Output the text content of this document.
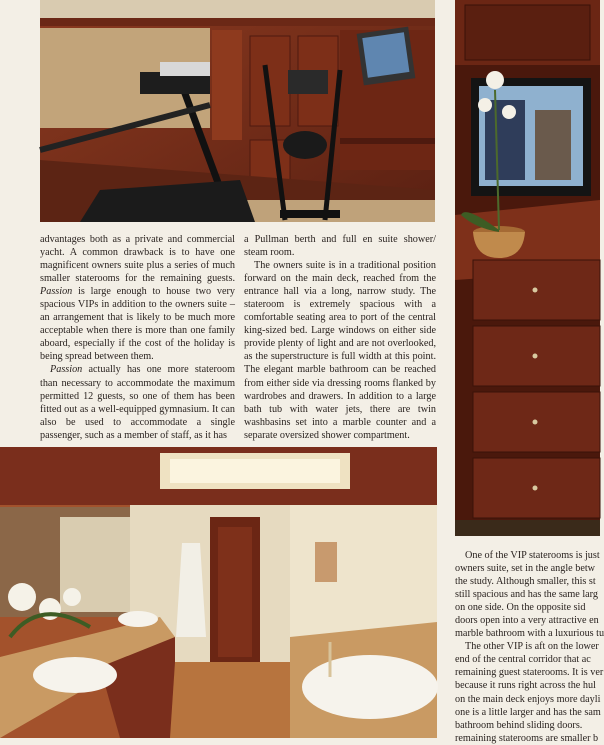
advantages both as a private and commercial yacht. A common drawback is to have one magnificent owners suite plus a series of much smaller staterooms for the remaining guests. Passion is large enough to house two very spacious VIPs in addition to the owners suite – an arrangement that is likely to be much more acceptable when there is more than one family aboard, especially if the cost of the holiday is being spread between them.

Passion actually has one more stateroom than necessary to accommodate the maximum permitted 12 guests, so one of them has been fitted out as a well-equipped gymnasium. It can also be used to accommodate a single passenger, such as a member of staff, as it has

a Pullman berth and full en suite shower/ steam room.

The owners suite is in a traditional position forward on the main deck, reached from the entrance hall via a long, narrow study. The stateroom is extremely spacious with a comfortable seating area to port of the central king-sized bed. Large windows on either side provide plenty of light and are not overlooked, as the superstructure is full width at this point. The elegant marble bathroom can be reached from either side via dressing rooms flanked by wardrobes and drawers. In addition to a large bath tub with water jets, there are twin washbasins set into a marble counter and a separate oversized shower compartment.

One of the VIP staterooms is just
owners suite, set in the angle betw
the study. Although smaller, this st
still spacious and has the same larg
on one side. On the opposite sid
doors open into a very attractive en
marble bathroom with a luxurious tu
The other VIP is aft on the lower
end of the central corridor that ac
remaining guest staterooms. It is ver
because it runs right across the hul
on the main deck enjoys more dayli
one is a little larger and has the sam
bathroom behind sliding doors.
remaining staterooms are smaller b
